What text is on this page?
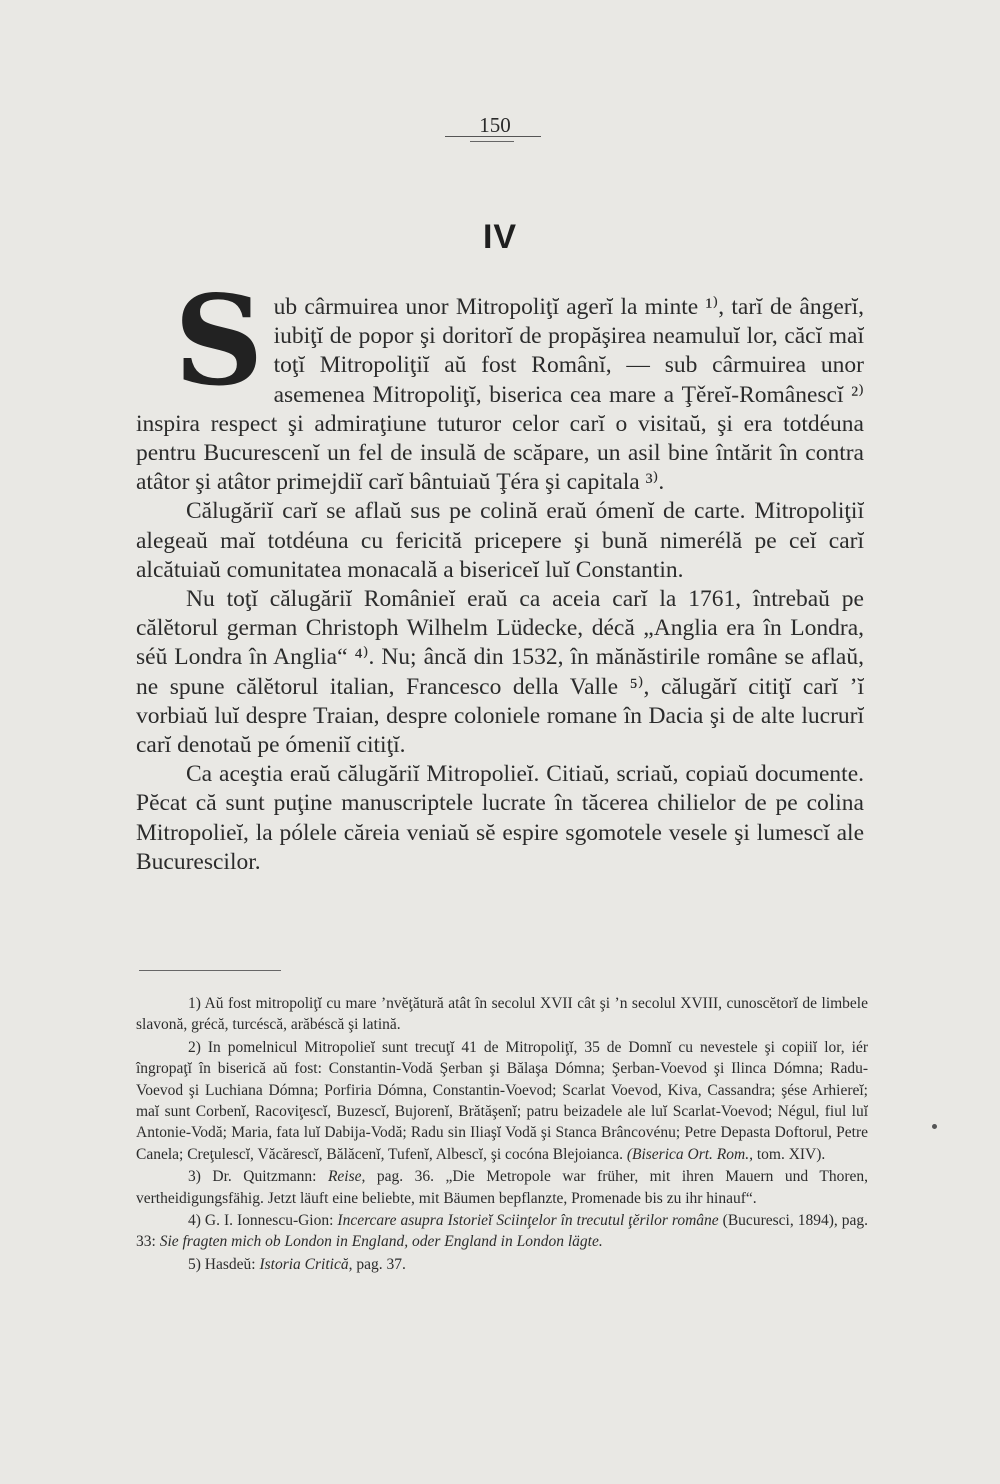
150
IV

Sub cârmuirea unor Mitropoliţĭ agerĭ la minte ¹⁾, tarĭ de ângerĭ, iubiţĭ de popor şi doritorĭ de propăşirea neamuluĭ lor, căcĭ maĭ toţĭ Mitropoliţiĭ aŭ fost Românĭ, — sub cârmuirea unor asemenea Mitropoliţĭ, biserica cea mare a Ţěreĭ-Românescĭ ²⁾ inspira respect şi admiraţiune tuturor celor carĭ o visitaŭ, şi era totdéuna pentru Bucurescenĭ un fel de insulă de scăpare, un asil bine întărit în contra atâtor şi atâtor primejdiĭ carĭ bântuiaŭ Ţéra şi capitala ³⁾.

Călugăriĭ carĭ se aflaŭ sus pe colină eraŭ ómenĭ de carte. Mitropoliţiĭ alegeaŭ maĭ totdéuna cu fericită pricepere şi bună nimerélă pe ceĭ carĭ alcătuiaŭ comunitatea monacală a bisericeĭ luĭ Constantin.

Nu toţĭ călugăriĭ Românieĭ eraŭ ca aceia carĭ la 1761, întrebaŭ pe călĕtorul german Christoph Wilhelm Lüdecke, décă „Anglia era în Londra, séŭ Londra în Anglia“ ⁴⁾. Nu; âncă din 1532, în mănăstirile române se aflaŭ, ne spune călĕtorul italian, Francesco della Valle ⁵⁾, călugărĭ citiţĭ carĭ ʼĭ vorbiaŭ luĭ despre Traian, despre coloniele romane în Dacia şi de alte lucrurĭ carĭ denotaŭ pe ómeniĭ citiţĭ.

Ca aceştia eraŭ călugăriĭ Mitropolieĭ. Citiaŭ, scriaŭ, copiaŭ documente. Pĕcat că sunt puţine manuscriptele lucrate în tăcerea chilielor de pe colina Mitropolieĭ, la pólele căreia veniaŭ sĕ espire sgomotele vesele şi lumescĭ ale Bucurescilor.

1) Aŭ fost mitropoliţĭ cu mare ʼnvĕţătură atât în secolul XVII cât şi ʼn secolul XVIII, cunoscĕtorĭ de limbele slavonă, grécă, turcéscă, arăbéscă şi latină.

2) In pomelnicul Mitropolieĭ sunt trecuţĭ 41 de Mitropoliţĭ, 35 de Domnĭ cu nevestele şi copiiĭ lor, iér îngropaţĭ în biserică aŭ fost: Constantin-Vodă Şerban şi Bălaşa Dómna; Şerban-Voevod şi Ilinca Dómna; Radu-Voevod şi Luchiana Dómna; Porfiria Dómna, Constantin-Voevod; Scarlat Voevod, Kiva, Cassandra; şése Arhiereĭ; maĭ sunt Corbenĭ, Racoviţescĭ, Buzescĭ, Bujorenĭ, Brătăşenĭ; patru beizadele ale luĭ Scarlat-Voevod; Négul, fiul luĭ Antonie-Vodă; Maria, fata luĭ Dabija-Vodă; Radu sin Iliaşĭ Vodă şi Stanca Brâncovénu; Petre Depasta Doftorul, Petre Canela; Creţulescĭ, Văcărescĭ, Bălăcenĭ, Tufenĭ, Albescĭ, şi cocóna Blejoianca. (Biserica Ort. Rom., tom. XIV).

3) Dr. Quitzmann: Reise, pag. 36. „Die Metropole war früher, mit ihren Mauern und Thoren, vertheidigungsfähig. Jetzt läuft eine beliebte, mit Bäumen bepflanzte, Promenade bis zu ihr hinauf“.

4) G. I. Ionnescu-Gion: Incercare asupra Istorieĭ Sciinţelor în trecutul ţĕrilor române (Bucuresci, 1894), pag. 33: Sie fragten mich ob London in England, oder England in London lägte.

5) Hasdeŭ: Istoria Critică, pag. 37.
